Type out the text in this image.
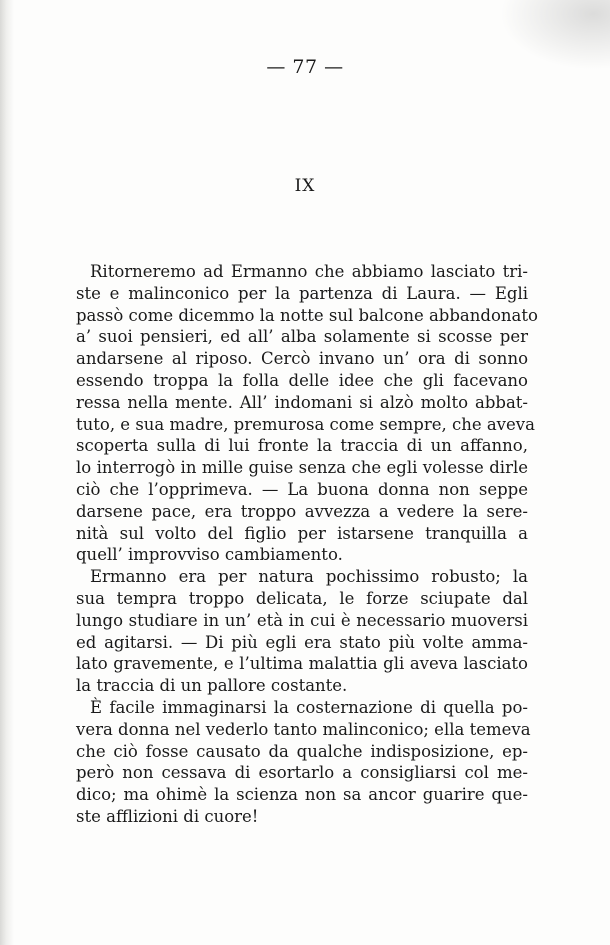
— 77 —
IX
Ritorneremo ad Ermanno che abbiamo lasciato tri-
ste e malinconico per la partenza di Laura. — Egli
passò come dicemmo la notte sul balcone abbandonato
a’ suoi pensieri, ed all’ alba solamente si scosse per
andarsene al riposo. Cercò invano un’ ora di sonno
essendo troppa la folla delle idee che gli facevano
ressa nella mente. All’ indomani si alzò molto abbat-
tuto, e sua madre, premurosa come sempre, che aveva
scoperta sulla di lui fronte la traccia di un affanno,
lo interrogò in mille guise senza che egli volesse dirle
ciò che l’opprimeva. — La buona donna non seppe
darsene pace, era troppo avvezza a vedere la sere-
nità sul volto del figlio per istarsene tranquilla a
quell’ improvviso cambiamento.
Ermanno era per natura pochissimo robusto; la
sua tempra troppo delicata, le forze sciupate dal
lungo studiare in un’ età in cui è necessario muoversi
ed agitarsi. — Di più egli era stato più volte amma-
lato gravemente, e l’ultima malattia gli aveva lasciato
la traccia di un pallore costante.
È facile immaginarsi la costernazione di quella po-
vera donna nel vederlo tanto malinconico; ella temeva
che ciò fosse causato da qualche indisposizione, ep-
però non cessava di esortarlo a consigliarsi col me-
dico; ma ohimè la scienza non sa ancor guarire que-
ste afflizioni di cuore!
